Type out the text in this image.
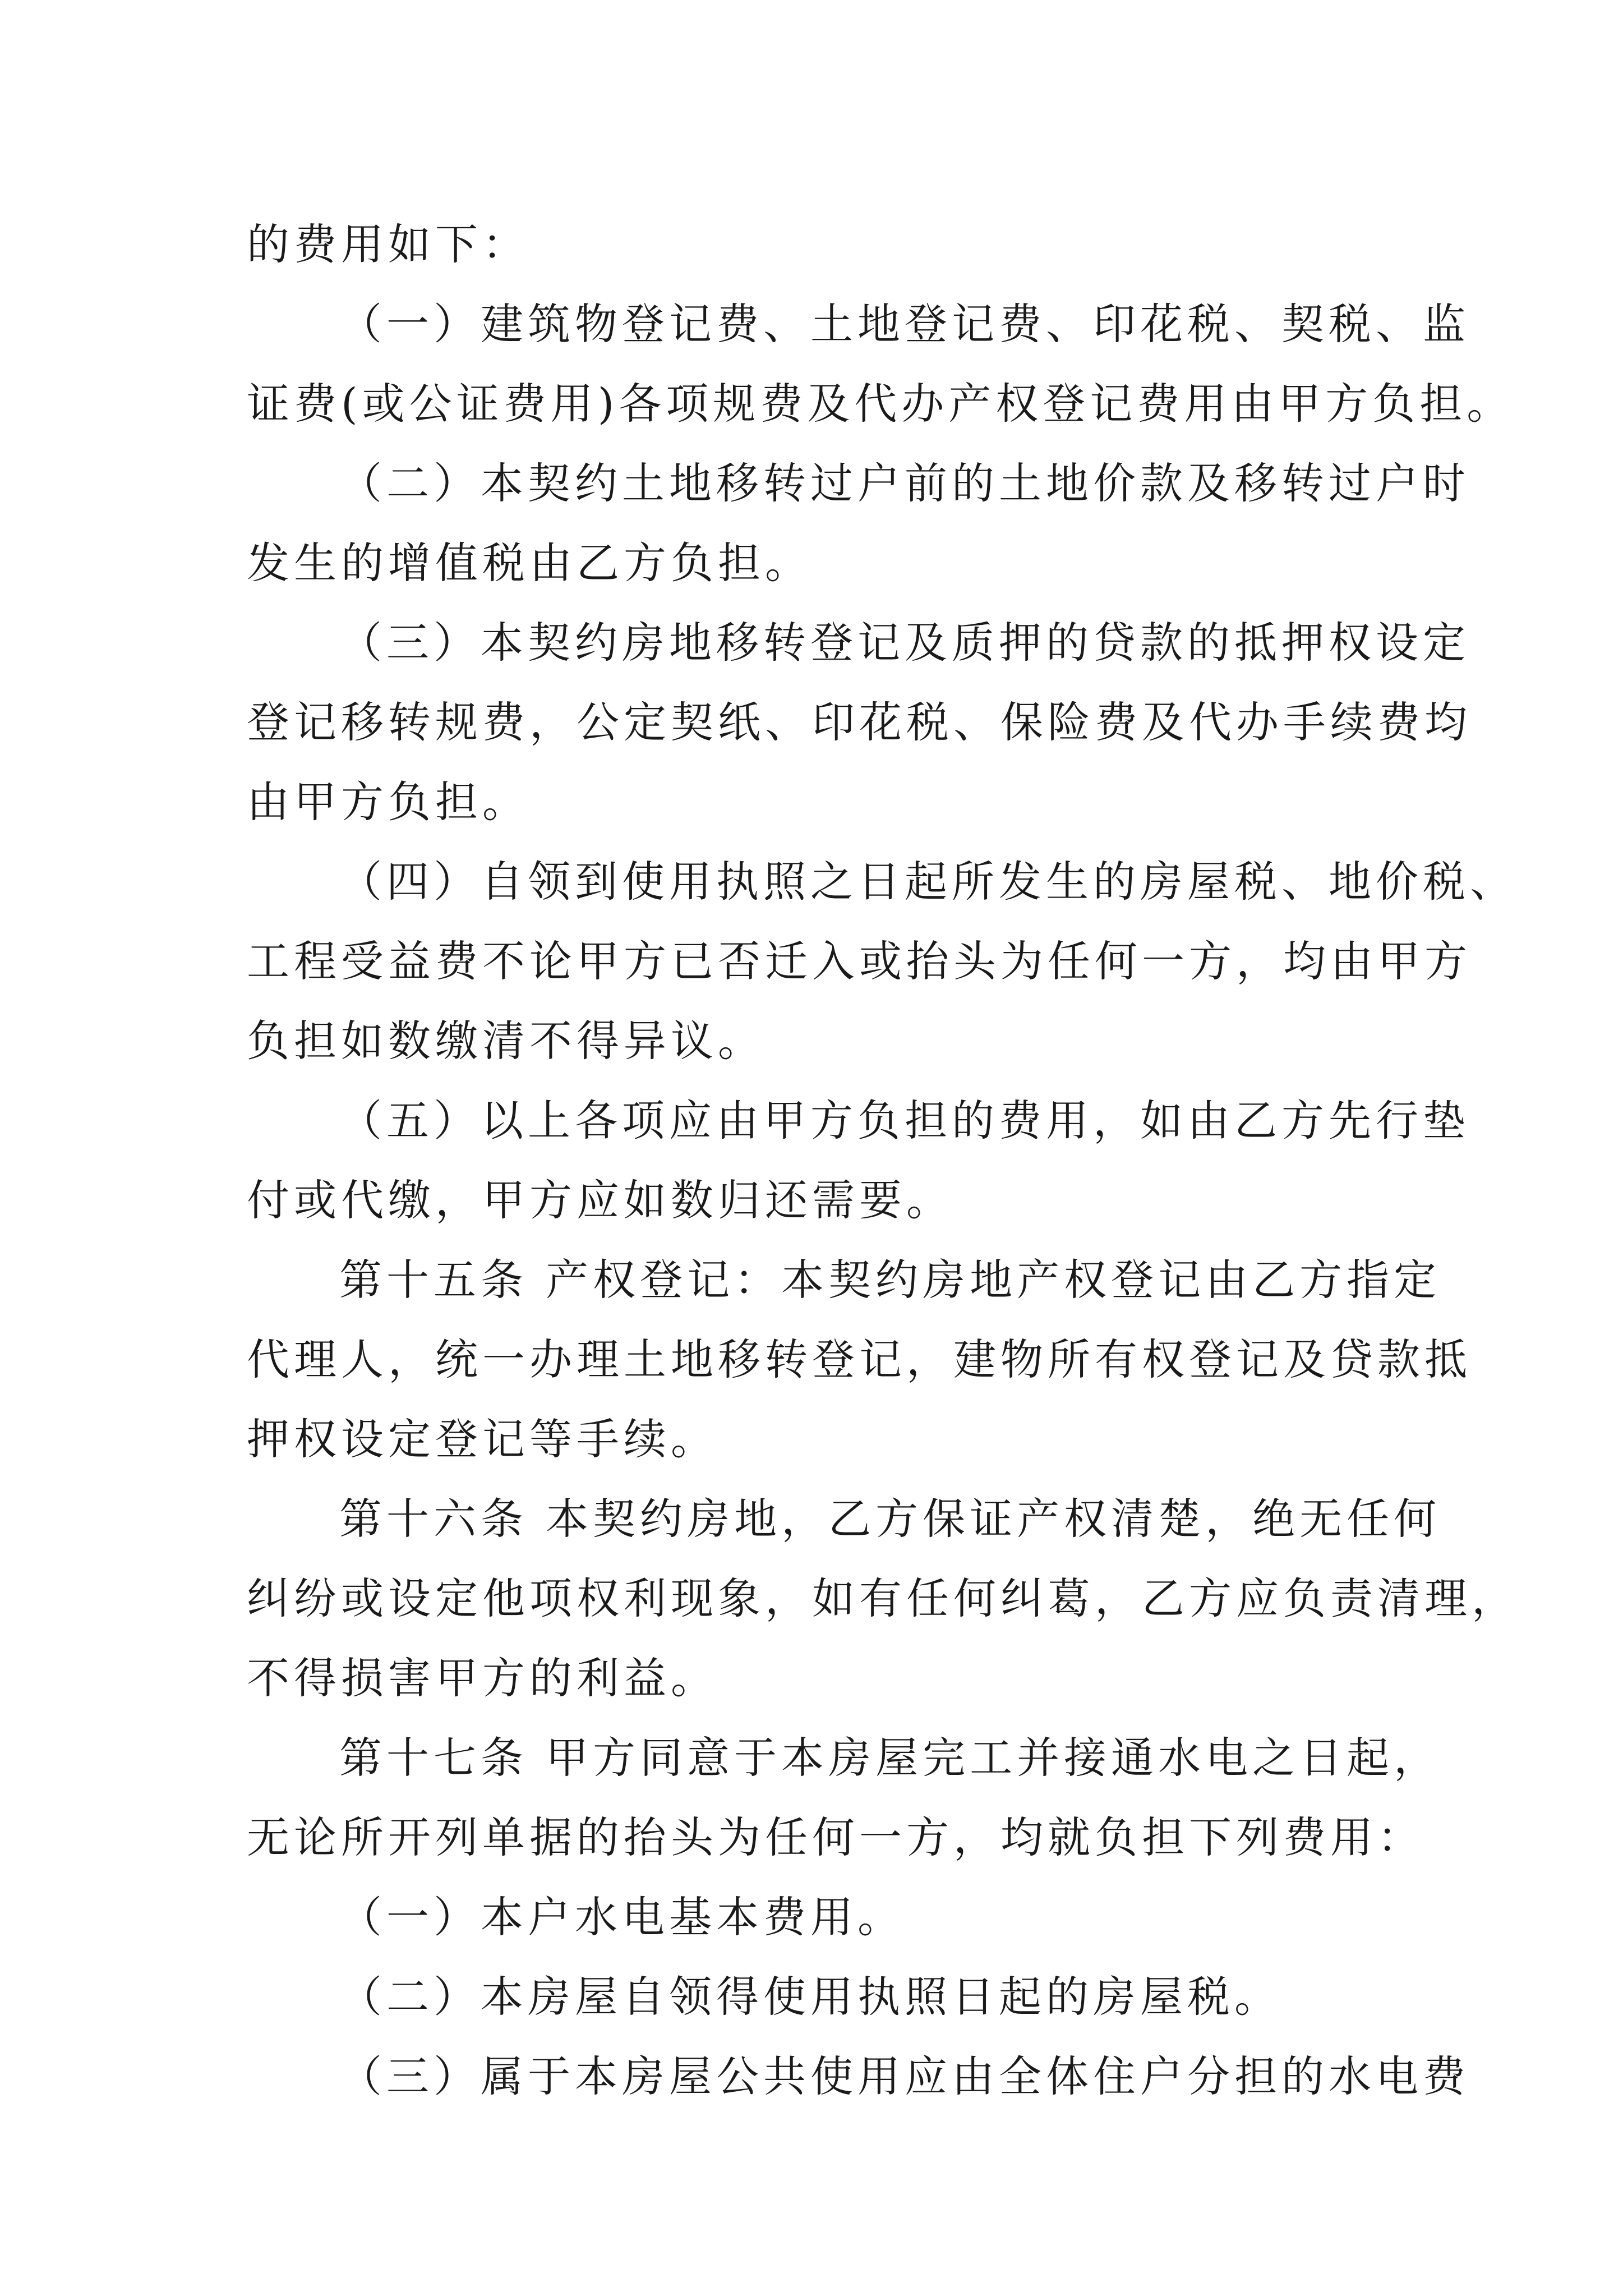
的费用如下：
（一）建筑物登记费、土地登记费、印花税、契税、监
证费(或公证费用)各项规费及代办产权登记费用由甲方负担。
（二）本契约土地移转过户前的土地价款及移转过户时
发生的增值税由乙方负担。
（三）本契约房地移转登记及质押的贷款的抵押权设定
登记移转规费，公定契纸、印花税、保险费及代办手续费均
由甲方负担。
（四）自领到使用执照之日起所发生的房屋税、地价税、
工程受益费不论甲方已否迁入或抬头为任何一方，均由甲方
负担如数缴清不得异议。
（五）以上各项应由甲方负担的费用，如由乙方先行垫
付或代缴，甲方应如数归还需要。
第十五条 产权登记：本契约房地产权登记由乙方指定
代理人，统一办理土地移转登记，建物所有权登记及贷款抵
押权设定登记等手续。
第十六条 本契约房地，乙方保证产权清楚，绝无任何
纠纷或设定他项权利现象，如有任何纠葛，乙方应负责清理，
不得损害甲方的利益。
第十七条 甲方同意于本房屋完工并接通水电之日起，
无论所开列单据的抬头为任何一方，均就负担下列费用：
（一）本户水电基本费用。
（二）本房屋自领得使用执照日起的房屋税。
（三）属于本房屋公共使用应由全体住户分担的水电费
